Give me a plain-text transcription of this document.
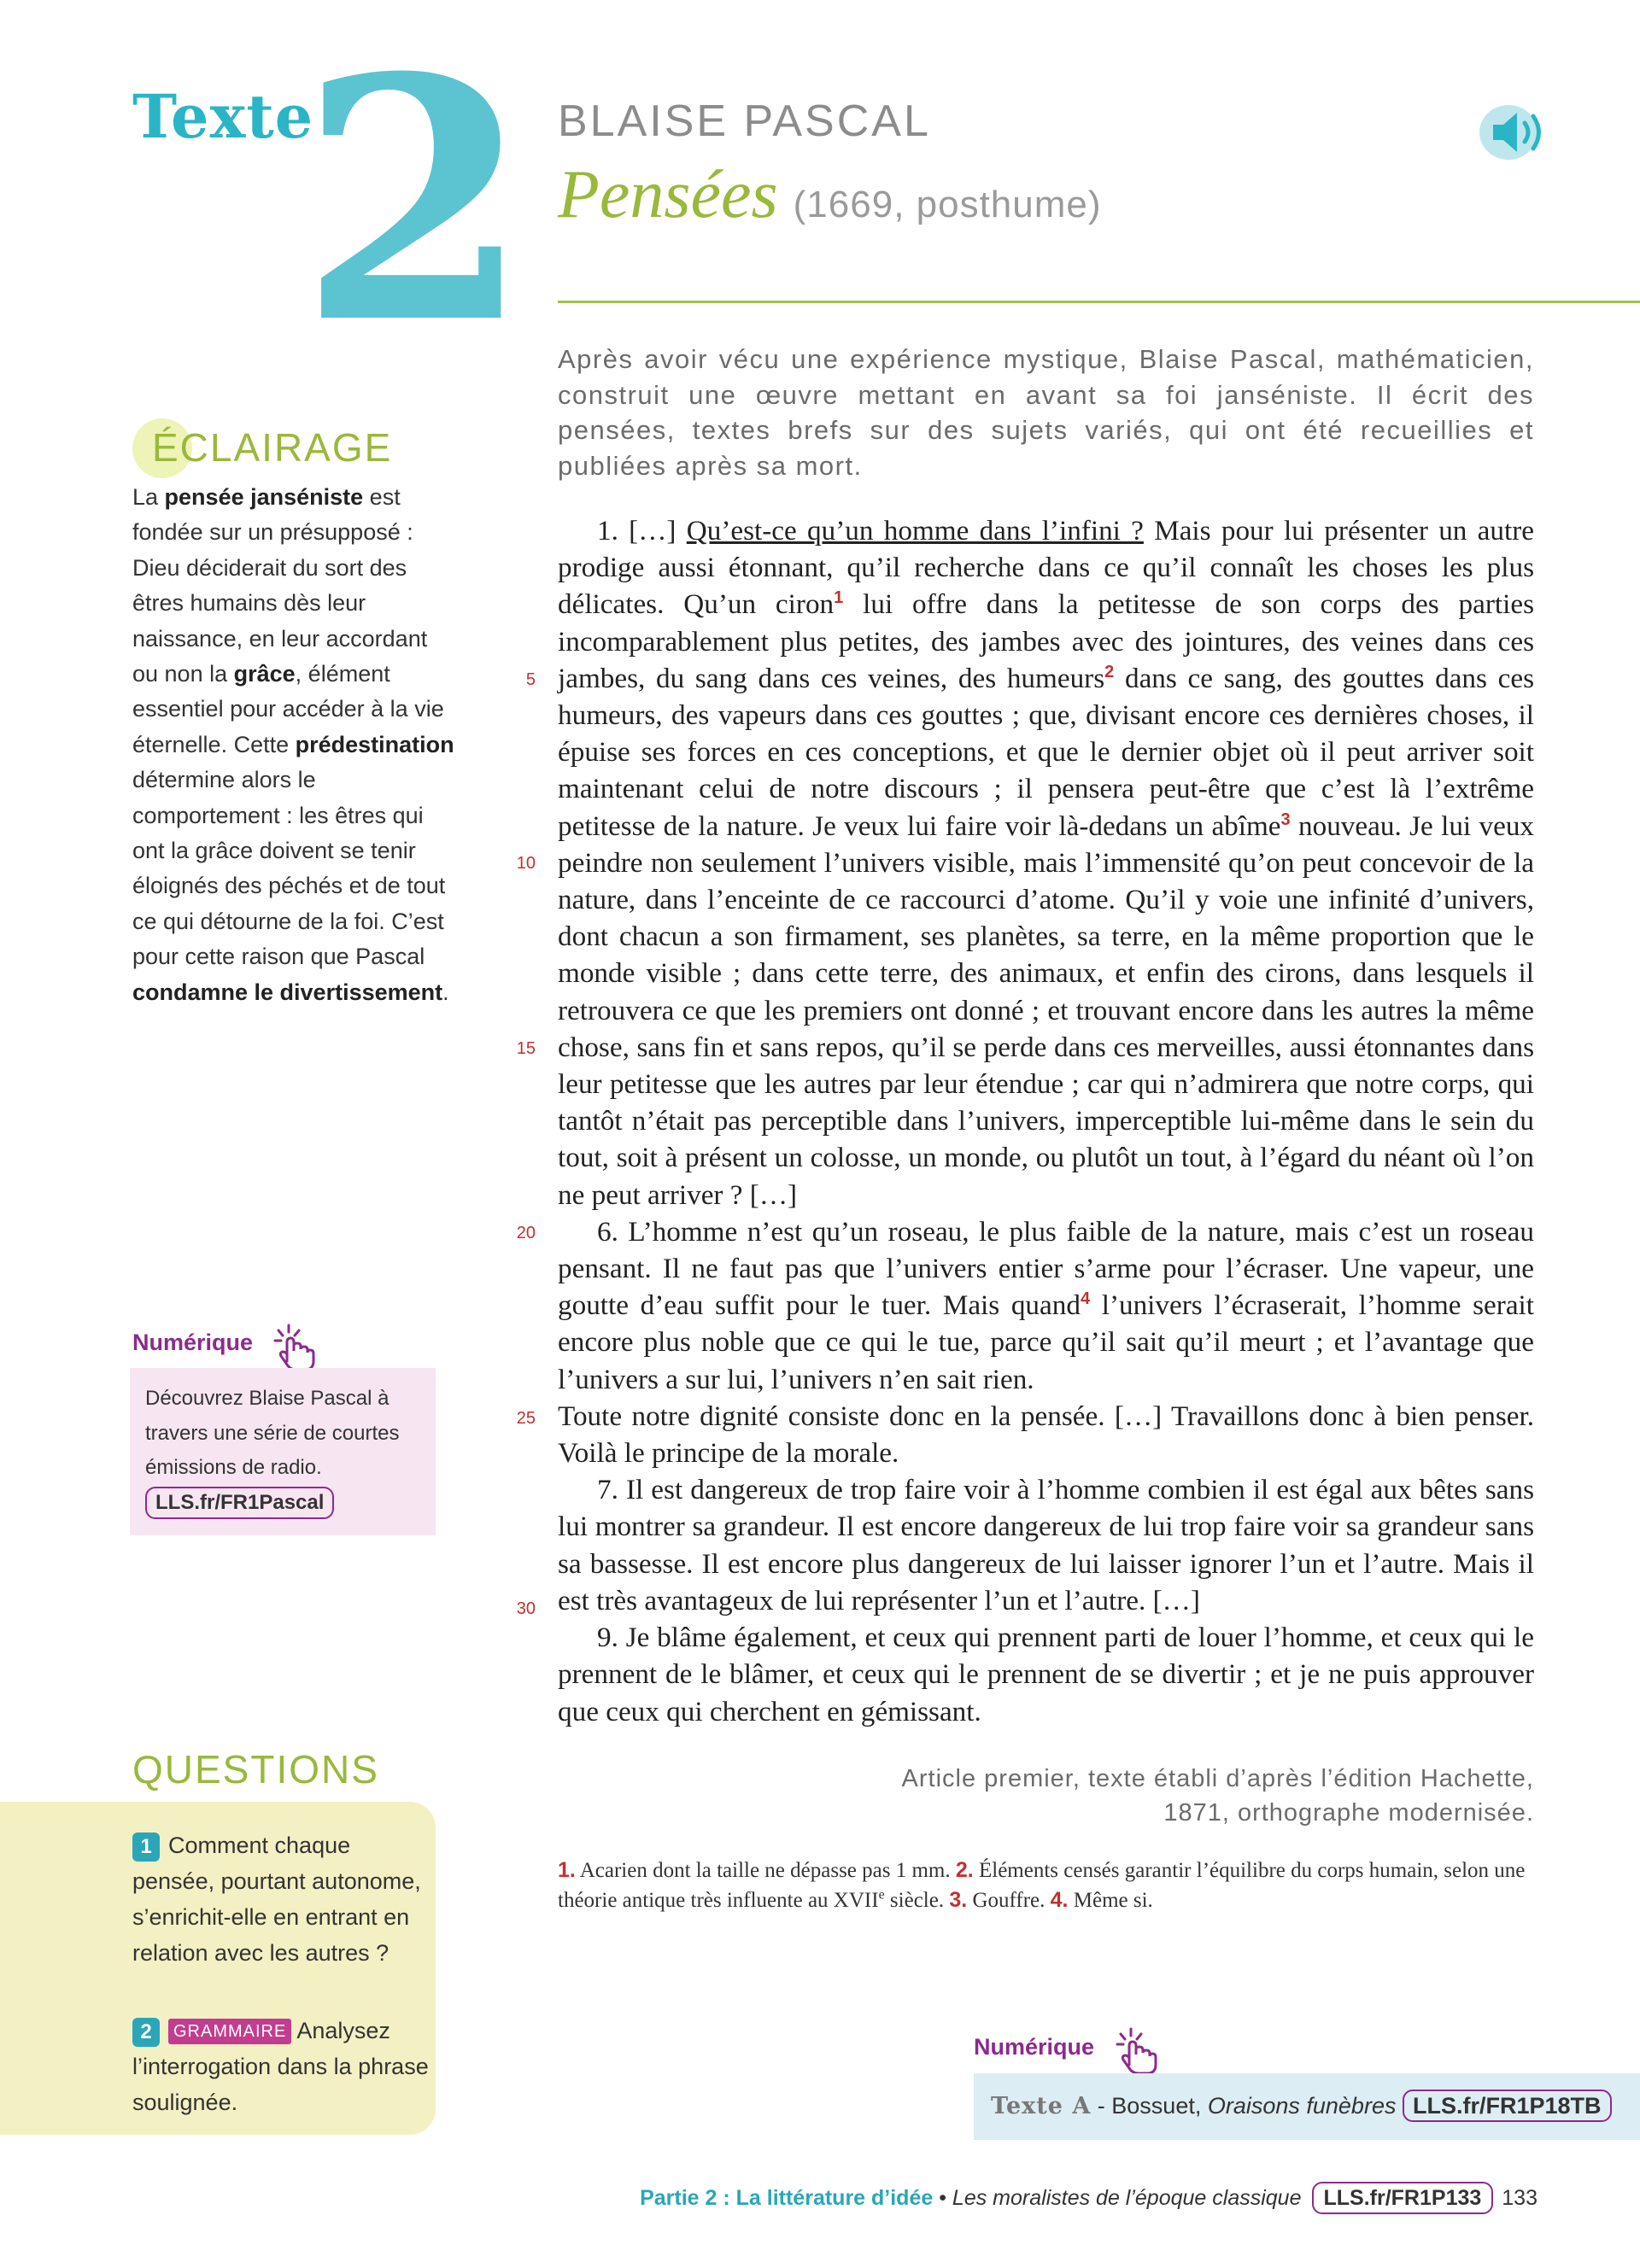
Texte
2 BLAISE PASCAL
Pensées (1669, posthume)
ÉCLAIRAGE
La pensée janséniste est fondée sur un présupposé : Dieu déciderait du sort des êtres humains dès leur naissance, en leur accordant ou non la grâce, élément essentiel pour accéder à la vie éternelle. Cette prédestination détermine alors le comportement : les êtres qui ont la grâce doivent se tenir éloignés des péchés et de tout ce qui détourne de la foi. C’est pour cette raison que Pascal condamne le divertissement.
Numérique
Découvrez Blaise Pascal à travers une série de courtes émissions de radio.
LLS.fr/FR1Pascal
QUESTIONS
1 Comment chaque pensée, pourtant autonome, s’enrichit-elle en entrant en relation avec les autres ?
2 GRAMMAIRE Analysez l’interrogation dans la phrase soulignée.
Après avoir vécu une expérience mystique, Blaise Pascal, mathématicien, construit une œuvre mettant en avant sa foi janséniste. Il écrit des pensées, textes brefs sur des sujets variés, qui ont été recueillies et publiées après sa mort.
5
10
15
20
25
30

1. […] Qu’est-ce qu’un homme dans l’infini ? Mais pour lui présenter un autre prodige aussi étonnant, qu’il recherche dans ce qu’il connaît les choses les plus délicates. Qu’un ciron$^1$ lui offre dans la petitesse de son corps des parties incomparablement plus petites, des jambes avec des jointures, des veines dans ces jambes, du sang dans ces veines, des humeurs$^2$ dans ce sang, des gouttes dans ces humeurs, des vapeurs dans ces gouttes ; que, divisant encore ces dernières choses, il épuise ses forces en ces conceptions, et que le dernier objet où il peut arriver soit maintenant celui de notre discours ; il pensera peut-être que c’est là l’extrême petitesse de la nature. Je veux lui faire voir là-dedans un abîme$^3$ nouveau. Je lui veux peindre non seulement l’univers visible, mais l’immensité qu’on peut concevoir de la nature, dans l’enceinte de ce raccourci d’atome. Qu’il y voie une infinité d’univers, dont chacun a son firmament, ses planètes, sa terre, en la même proportion que le monde visible ; dans cette terre, des animaux, et enfin des cirons, dans lesquels il retrouvera ce que les premiers ont donné ; et trouvant encore dans les autres la même chose, sans fin et sans repos, qu’il se perde dans ces merveilles, aussi étonnantes dans leur petitesse que les autres par leur étendue ; car qui n’admirera que notre corps, qui tantôt n’était pas perceptible dans l’univers, imperceptible lui-même dans le sein du tout, soit à présent un colosse, un monde, ou plutôt un tout, à l’égard du néant où l’on ne peut arriver ? […]

6. L’homme n’est qu’un roseau, le plus faible de la nature, mais c’est un roseau pensant. Il ne faut pas que l’univers entier s’arme pour l’écraser. Une vapeur, une goutte d’eau suffit pour le tuer. Mais quand$^4$ l’univers l’écraserait, l’homme serait encore plus noble que ce qui le tue, parce qu’il sait qu’il meurt ; et l’avantage que l’univers a sur lui, l’univers n’en sait rien.

Toute notre dignité consiste donc en la pensée. […] Travaillons donc à bien penser. Voilà le principe de la morale.

7. Il est dangereux de trop faire voir à l’homme combien il est égal aux bêtes sans lui montrer sa grandeur. Il est encore dangereux de lui trop faire voir sa grandeur sans sa bassesse. Il est encore plus dangereux de lui laisser ignorer l’un et l’autre. Mais il est très avantageux de lui représenter l’un et l’autre. […]

9. Je blâme également, et ceux qui prennent parti de louer l’homme, et ceux qui le prennent de le blâmer, et ceux qui le prennent de se divertir ; et je ne puis approuver que ceux qui cherchent en gémissant.

Article premier, texte établi d’après l’édition Hachette,
1871, orthographe modernisée.
1. Acarien dont la taille ne dépasse pas 1 mm. 2. Éléments censés garantir l’équilibre du corps humain, selon une théorie antique très influente au XVIIe siècle. 3. Gouffre. 4. Même si.
Numérique
Texte A - Bossuet, Oraisons funèbres LLS.fr/FR1P18TB
Partie 2 : La littérature d’idée • Les moralistes de l’époque classique LLS.fr/FR1P133 133
